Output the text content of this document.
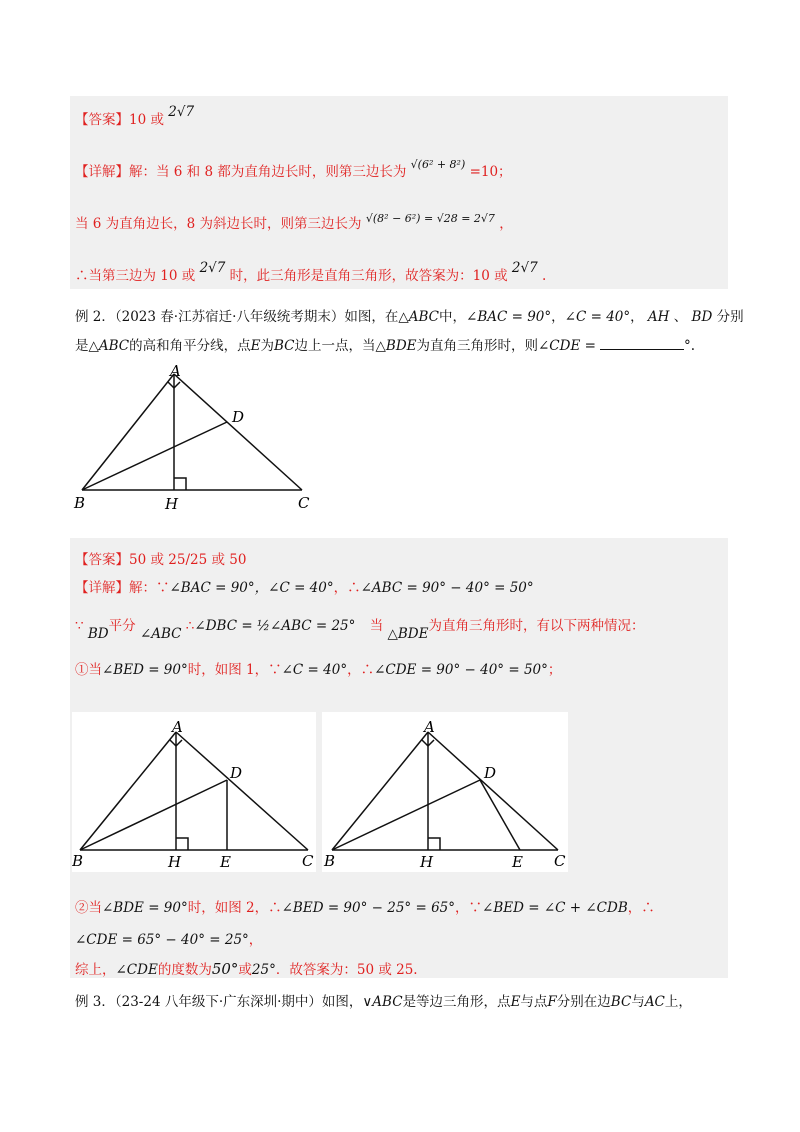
【答案】10 或 2√7
【详解】解：当 6 和 8 都为直角边长时，则第三边长为 $^{√(6^2 + 8^2)}$ =10；
当 6 为直角边长，8 为斜边长时，则第三边长为 $^{√(8^2 - 6^2) = √28 = 2√7}$ ，
∴当第三边为 10 或 2√7 时，此三角形是直角三角形，故答案为：10 或 2√7 .
例 2．（2023 春·江苏宿迁·八年级统考期末）如图，在△ABC中，∠BAC = 90°，∠C = 40°， AH 、 BD 分别
是△ABC的高和角平分线，点E为BC边上一点，当△BDE为直角三角形时，则∠CDE =	°.
A
D
B	H	C
【答案】50 或 25/25 或 50
【详解】解：∵∠BAC = 90°，∠C = 40°，∴∠ABC = 90° − 40° = 50°
∵ BD平分 ∠ABC ∴∠DBC = ½∠ABC = 25° 当 △BDE为直角三角形时，有以下两种情况：
①当∠BED = 90°时，如图 1，∵∠C = 40°，∴∠CDE = 90° − 40° = 50°；
A
D
B	H	E	C
A
D
B	H	E C
②当∠BDE = 90°时，如图 2，∴∠BED = 90° − 25° = 65°，∵∠BED = ∠C + ∠CDB，∴
∠CDE = 65° − 40° = 25°，
综上，∠CDE的度数为50°或25°．故答案为：50 或 25.
例 3．（23-24 八年级下·广东深圳·期中）如图，∨ABC是等边三角形，点E与点F分别在边BC与AC上，
